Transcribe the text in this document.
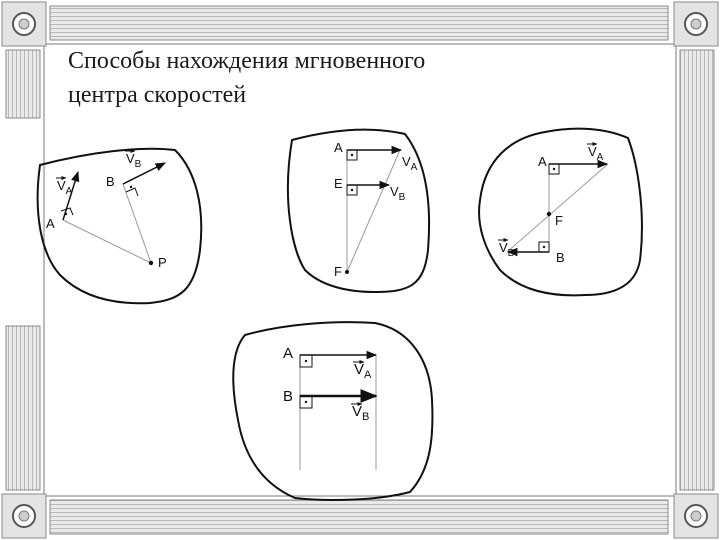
A
B
P
$V_A$
$V_B$
A
E
F
$V_A$
$V_B$
A
F
B
$V_A$
$V_B$
A
B
$V_A$
$V_B$
Способы нахождения мгновенного
центра скоростей
